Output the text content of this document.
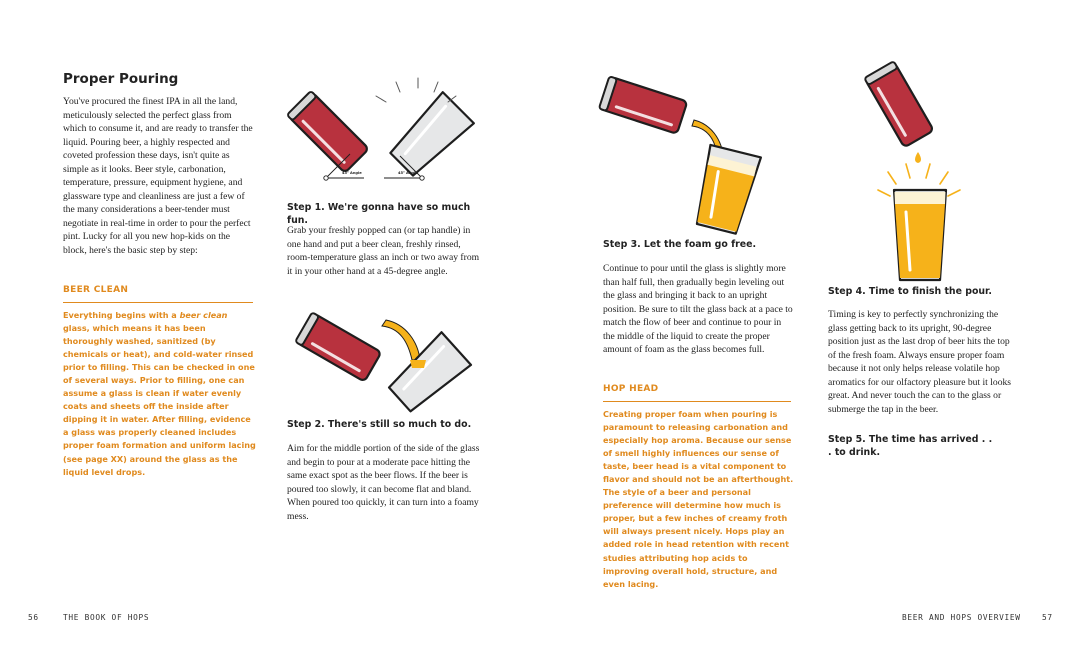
Proper Pouring
You've procured the finest IPA in all the land, meticulously selected the perfect glass from which to consume it, and are ready to transfer the liquid. Pouring beer, a highly respected and coveted profession these days, isn't quite as simple as it looks. Beer style, carbonation, temperature, pressure, equipment hygiene, and glassware type and cleanliness are just a few of the many considerations a beer-tender must negotiate in real-time in order to pour the perfect pint. Lucky for all you new hop-kids on the block, here's the basic step by step:
BEER CLEAN
Everything begins with a beer clean glass, which means it has been thoroughly washed, sanitized (by chemicals or heat), and cold-water rinsed prior to filling. This can be checked in one of several ways. Prior to filling, one can assume a glass is clean if water evenly coats and sheets off the inside after dipping it in water. After filling, evidence a glass was properly cleaned includes proper foam formation and uniform lacing (see page XX) around the glass as the liquid level drops.
45° Angle	45° Angle
Step 1. We're gonna have so much fun.
Grab your freshly popped can (or tap handle) in one hand and put a beer clean, freshly rinsed, room-temperature glass an inch or two away from it in your other hand at a 45-degree angle.
Step 2. There's still so much to do.
Aim for the middle portion of the side of the glass and begin to pour at a moderate pace hitting the same exact spot as the beer flows. If the beer is poured too slowly, it can become flat and bland. When poured too quickly, it can turn into a foamy mess.
56	THE BOOK OF HOPS
Step 3. Let the foam go free.
Continue to pour until the glass is slightly more than half full, then gradually begin leveling out the glass and bringing it back to an upright position. Be sure to tilt the glass back at a pace to match the flow of beer and continue to pour in the middle of the liquid to create the proper amount of foam as the glass becomes full.
HOP HEAD
Creating proper foam when pouring is paramount to releasing carbonation and especially hop aroma. Because our sense of smell highly influences our sense of taste, beer head is a vital component to flavor and should not be an afterthought. The style of a beer and personal preference will determine how much is proper, but a few inches of creamy froth will always present nicely. Hops play an added role in head retention with recent studies attributing hop acids to improving overall hold, structure, and even lacing.
Step 4. Time to finish the pour.
Timing is key to perfectly synchronizing the glass getting back to its upright, 90-degree position just as the last drop of beer hits the top of the fresh foam. Always ensure proper foam because it not only helps release volatile hop aromatics for our olfactory pleasure but it looks great. And never touch the can to the glass or submerge the tap in the beer.
Step 5. The time has arrived . . . to drink.
BEER AND HOPS OVERVIEW	57
